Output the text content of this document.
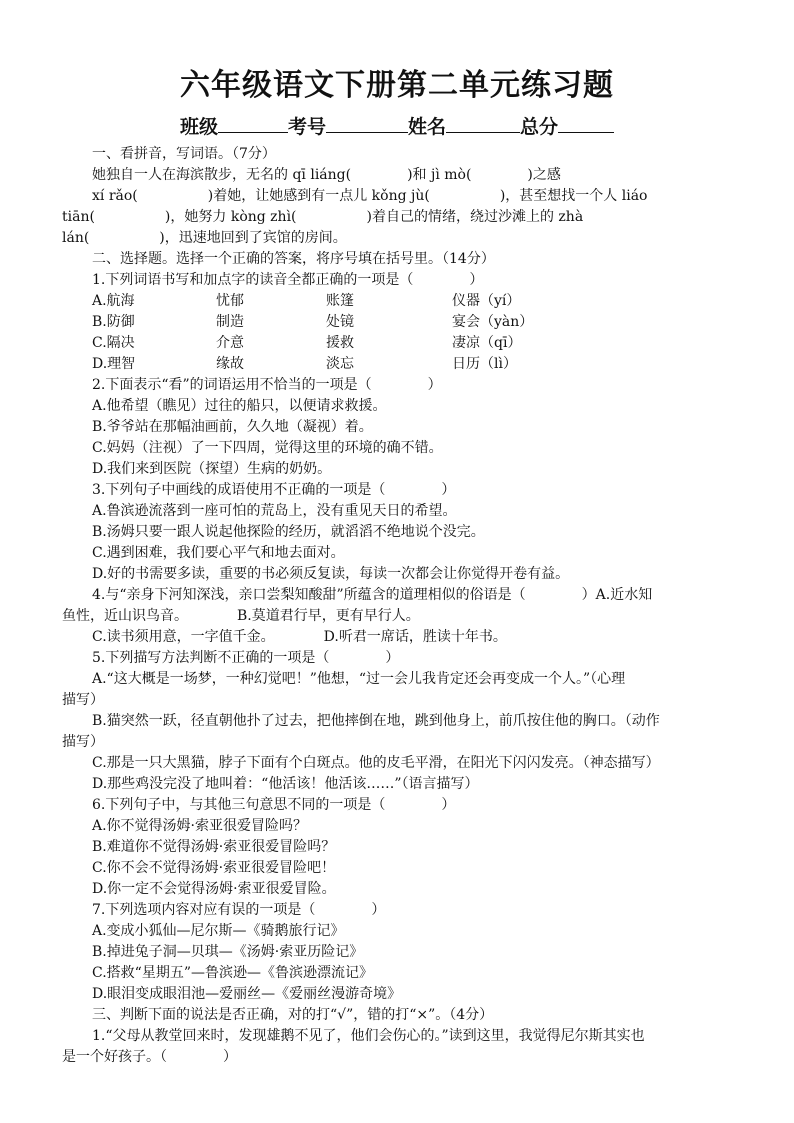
六年级语文下册第二单元练习题
班级	考号	姓名	总分
一、看拼音，写词语。（7分）
她独自一人在海滨散步，无名的 qī liáng(　　　　)和 jì mò(　　　　)之感
xí rǎo(　　　　　)着她，让她感到有一点儿 kǒng jù(　　　　　)，甚至想找一个人 liáo
tiān(　　　　　)，她努力 kòng zhì(　　　　　)着自己的情绪，绕过沙滩上的 zhà
lán(　　　　　)，迅速地回到了宾馆的房间。
二、选择题。选择一个正确的答案，将序号填在括号里。（14分）
1.下列词语书写和加点字的读音全都正确的一项是（　　　　）
A.航海	忧郁	账篷	仪器（yí）
B.防御	制造	处镜	宴会（yàn）
C.隔决	介意	援救	凄凉（qī）
D.理智	缘故	淡忘	日历（lì）
2.下面表示“看”的词语运用不恰当的一项是（　　　　）
A.他希望（瞧见）过往的船只，以便请求救援。
B.爷爷站在那幅油画前，久久地（凝视）着。
C.妈妈（注视）了一下四周，觉得这里的环境的确不错。
D.我们来到医院（探望）生病的奶奶。
3.下列句子中画线的成语使用不正确的一项是（　　　　）
A.鲁滨逊流落到一座可怕的荒岛上，没有重见天日的希望。
B.汤姆只要一跟人说起他探险的经历，就滔滔不绝地说个没完。
C.遇到困难，我们要心平气和地去面对。
D.好的书需要多读，重要的书必须反复读，每读一次都会让你觉得开卷有益。
4.与“亲身下河知深浅，亲口尝梨知酸甜”所蕴含的道理相似的俗语是（　　　　）A.近水知
鱼性，近山识鸟音。　　　　B.莫道君行早，更有早行人。
C.读书须用意，一字值千金。　　　　D.听君一席话，胜读十年书。
5.下列描写方法判断不正确的一项是（　　　　）
A.“这大概是一场梦，一种幻觉吧！”他想，“过一会儿我肯定还会再变成一个人。”（心理
描写）
B.猫突然一跃，径直朝他扑了过去，把他摔倒在地，跳到他身上，前爪按住他的胸口。（动作
描写）
C.那是一只大黑猫，脖子下面有个白斑点。他的皮毛平滑，在阳光下闪闪发亮。（神态描写）
D.那些鸡没完没了地叫着：“他活该！他活该……”（语言描写）
6.下列句子中，与其他三句意思不同的一项是（　　　　）
A.你不觉得汤姆·索亚很爱冒险吗？
B.难道你不觉得汤姆·索亚很爱冒险吗？
C.你不会不觉得汤姆·索亚很爱冒险吧！
D.你一定不会觉得汤姆·索亚很爱冒险。
7.下列选项内容对应有误的一项是（　　　　）
A.变成小狐仙—尼尔斯—《骑鹅旅行记》
B.掉进兔子洞—贝琪—《汤姆·索亚历险记》
C.搭救“星期五”—鲁滨逊—《鲁滨逊漂流记》
D.眼泪变成眼泪池—爱丽丝—《爱丽丝漫游奇境》
三、判断下面的说法是否正确，对的打“√”，错的打“×”。（4分）
1.“父母从教堂回来时，发现雄鹅不见了，他们会伤心的。”读到这里，我觉得尼尔斯其实也
是一个好孩子。（　　　　）
